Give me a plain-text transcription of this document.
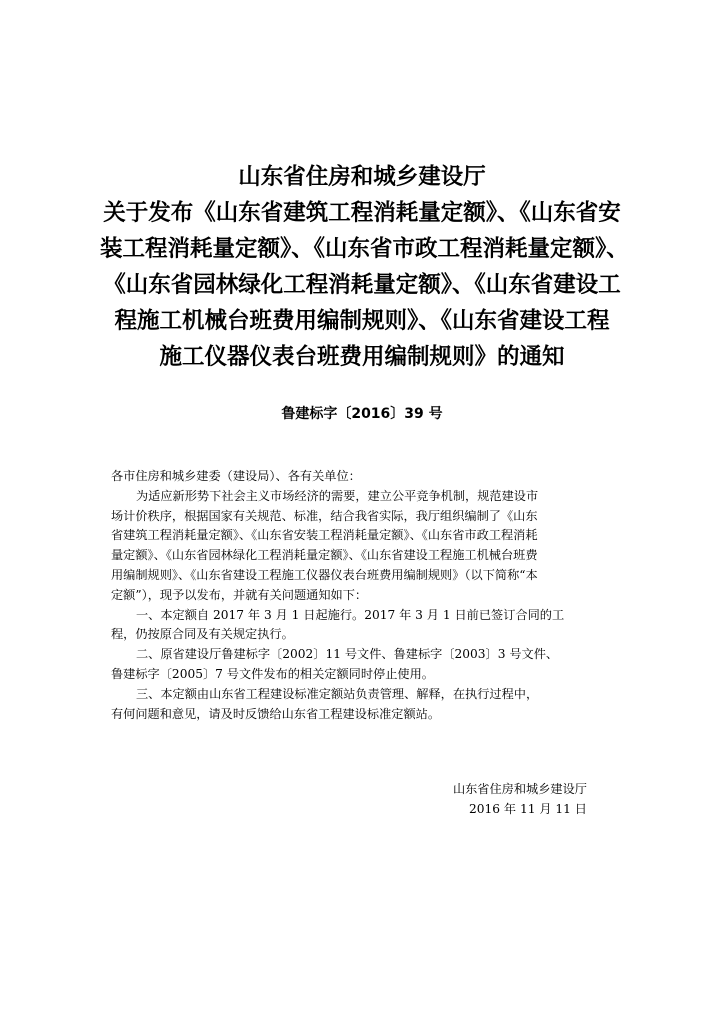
山东省住房和城乡建设厅
关于发布《山东省建筑工程消耗量定额》、《山东省安
装工程消耗量定额》、《山东省市政工程消耗量定额》、
《山东省园林绿化工程消耗量定额》、《山东省建设工
程施工机械台班费用编制规则》、《山东省建设工程
施工仪器仪表台班费用编制规则》的通知
鲁建标字〔2016〕39 号
各市住房和城乡建委（建设局）、各有关单位：
为适应新形势下社会主义市场经济的需要，建立公平竞争机制，规范建设市
场计价秩序，根据国家有关规范、标准，结合我省实际，我厅组织编制了《山东
省建筑工程消耗量定额》、《山东省安装工程消耗量定额》、《山东省市政工程消耗
量定额》、《山东省园林绿化工程消耗量定额》、《山东省建设工程施工机械台班费
用编制规则》、《山东省建设工程施工仪器仪表台班费用编制规则》（以下简称“本
定额”），现予以发布，并就有关问题通知如下：
一、本定额自 2017 年 3 月 1 日起施行。2017 年 3 月 1 日前已签订合同的工
程，仍按原合同及有关规定执行。
二、原省建设厅鲁建标字〔2002〕11 号文件、鲁建标字〔2003〕3 号文件、
鲁建标字〔2005〕7 号文件发布的相关定额同时停止使用。
三、本定额由山东省工程建设标准定额站负责管理、解释，在执行过程中，
有何问题和意见，请及时反馈给山东省工程建设标准定额站。
山东省住房和城乡建设厅
2016 年 11 月 11 日
